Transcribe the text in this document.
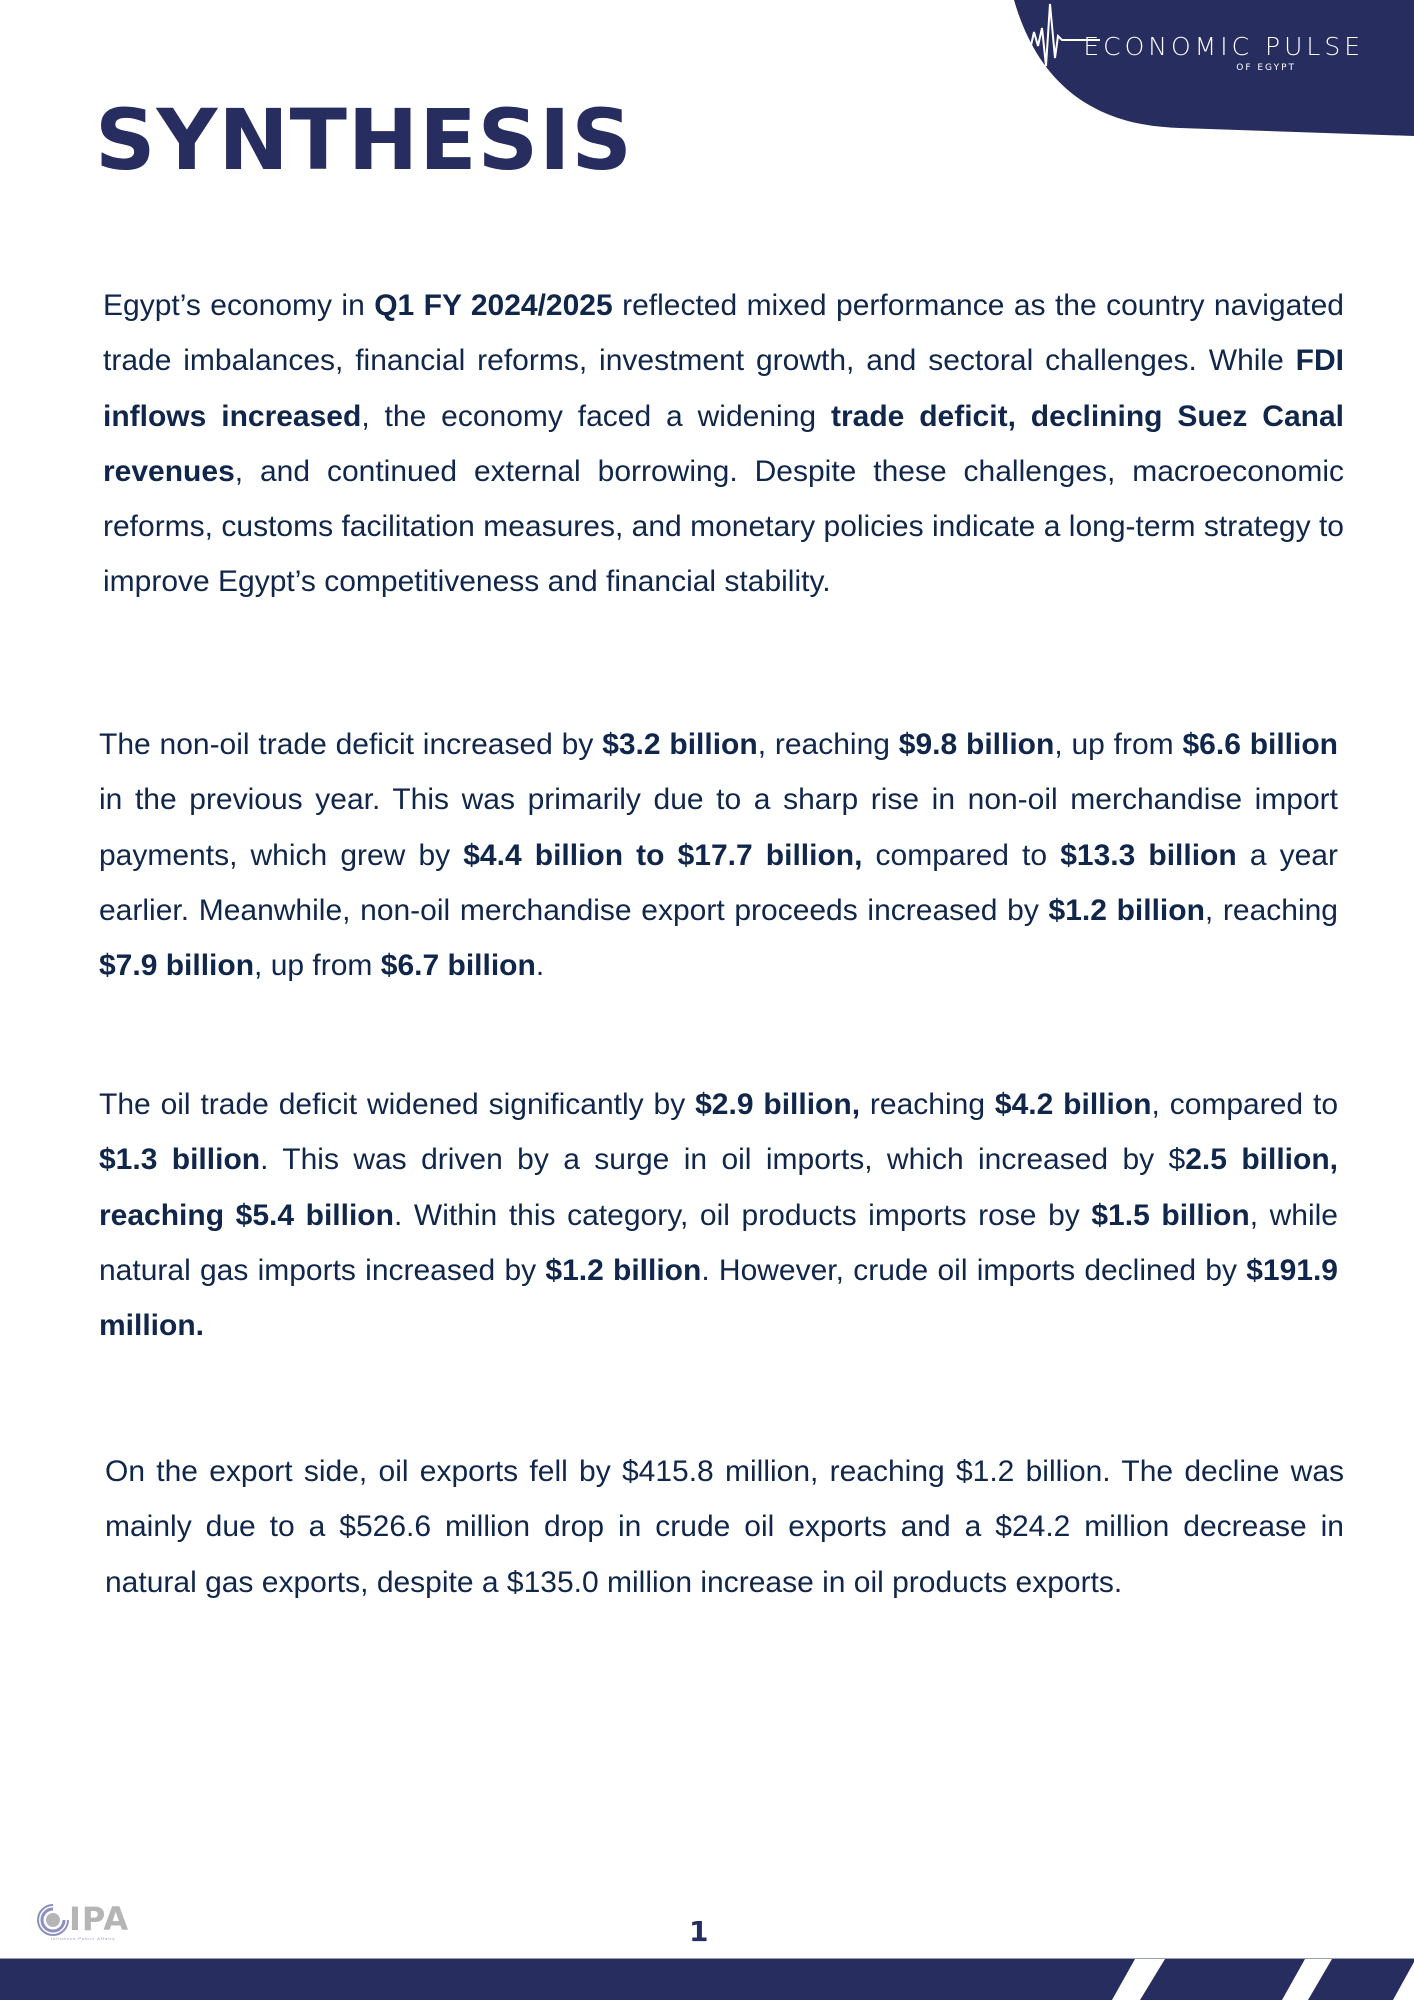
ECONOMIC PULSE
OF EGYPT
SYNTHESIS

Egypt’s economy in Q1 FY 2024/2025 reflected mixed performance as the country navigated trade imbalances, financial reforms, investment growth, and sectoral challenges. While FDI inflows increased, the economy faced a widening trade deficit, declining Suez Canal revenues, and continued external borrowing. Despite these challenges, macroeconomic reforms, customs facilitation measures, and monetary policies indicate a long-term strategy to improve Egypt’s competitiveness and financial stability.

The non-oil trade deficit increased by $3.2 billion, reaching $9.8 billion, up from $6.6 billion in the previous year. This was primarily due to a sharp rise in non-oil merchandise import payments, which grew by $4.4 billion to $17.7 billion, compared to $13.3 billion a year earlier. Meanwhile, non-oil merchandise export proceeds increased by $1.2 billion, reaching $7.9 billion, up from $6.7 billion.

The oil trade deficit widened significantly by $2.9 billion, reaching $4.2 billion, compared to $1.3 billion. This was driven by a surge in oil imports, which increased by $2.5 billion, reaching $5.4 billion. Within this category, oil products imports rose by $1.5 billion, while natural gas imports increased by $1.2 billion. However, crude oil imports declined by $191.9 million.

On the export side, oil exports fell by $415.8 million, reaching $1.2 billion. The decline was mainly due to a $526.6 million drop in crude oil exports and a $24.2 million decrease in natural gas exports, despite a $135.0 million increase in oil products exports.

IPA
Influence Public Affairs	1
